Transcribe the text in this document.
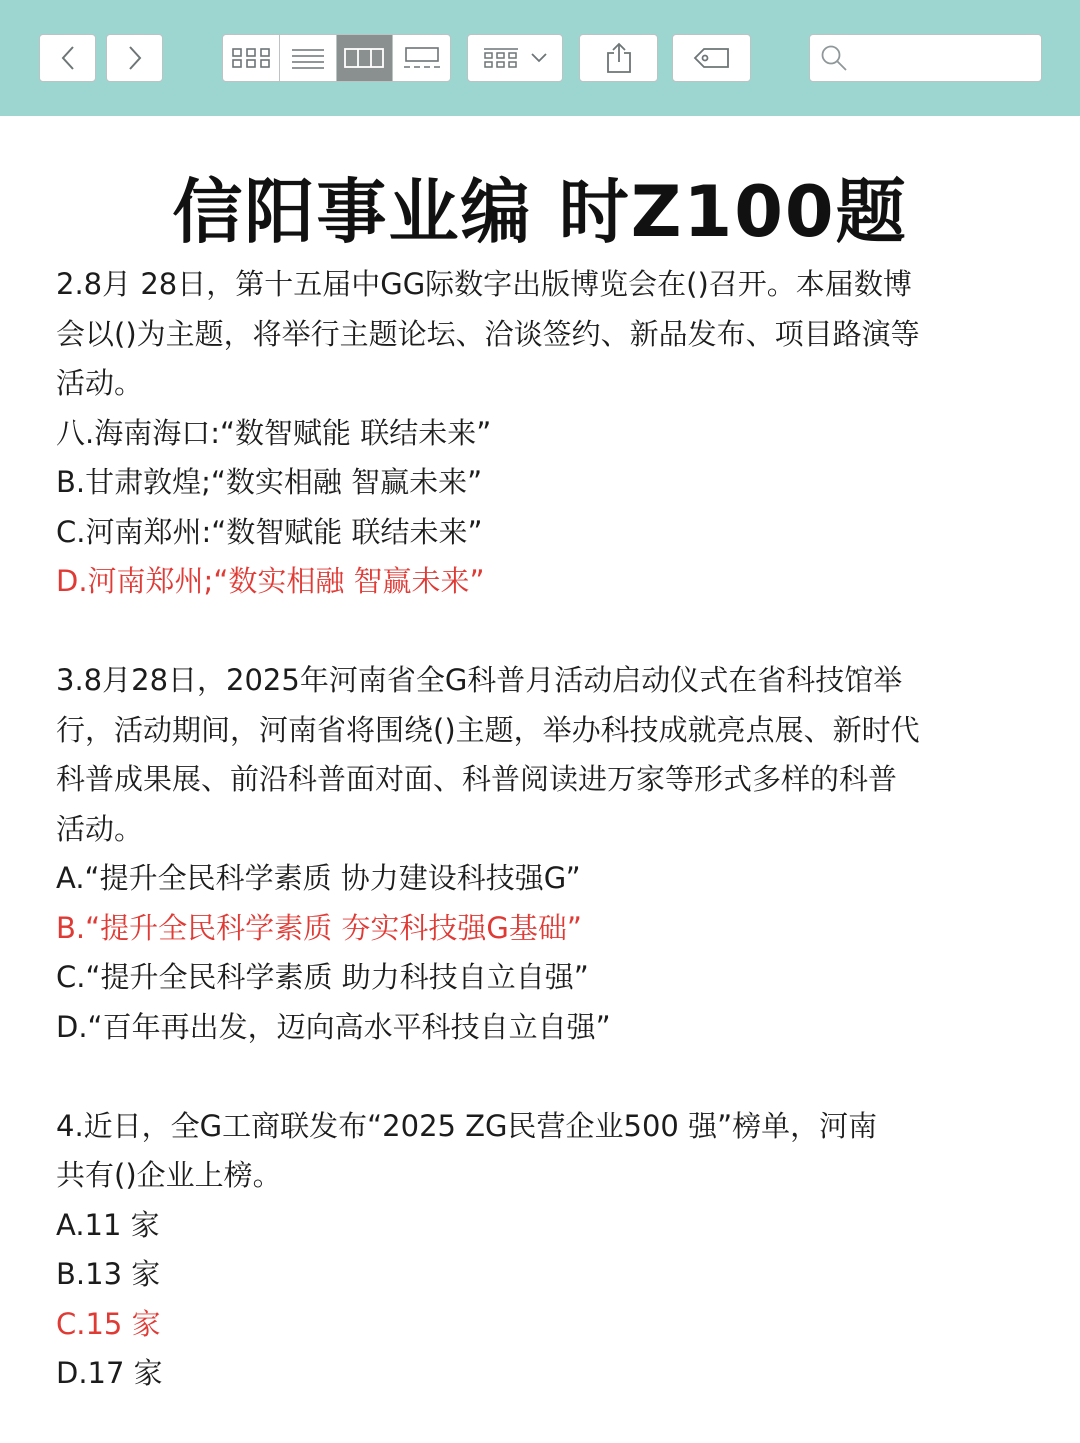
信阳事业编 时Z100题
2.8月 28日，第十五届中GG际数字出版博览会在()召开。本届数博
会以()为主题，将举行主题论坛、洽谈签约、新品发布、项目路演等
活动。
八.海南海口:“数智赋能 联结未来”
B.甘肃敦煌;“数实相融 智赢未来”
C.河南郑州:“数智赋能 联结未来”
D.河南郑州;“数实相融 智赢未来”
3.8月28日，2025年河南省全G科普月活动启动仪式在省科技馆举
行，活动期间，河南省将围绕()主题，举办科技成就亮点展、新时代
科普成果展、前沿科普面对面、科普阅读进万家等形式多样的科普
活动。
A.“提升全民科学素质 协力建设科技强G”
B.“提升全民科学素质 夯实科技强G基础”
C.“提升全民科学素质 助力科技自立自强”
D.“百年再出发，迈向高水平科技自立自强”
4.近日，全G工商联发布“2025 ZG民营企业500 强”榜单，河南
共有()企业上榜。
A.11 家
B.13 家
C.15 家
D.17 家
